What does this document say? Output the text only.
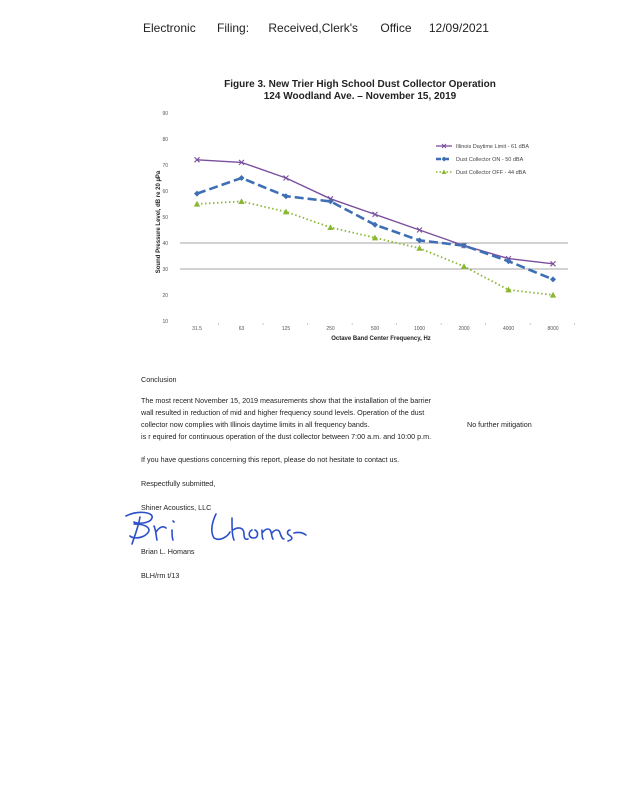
Electronic Filing: Received,Clerk's Office 12/09/2021
Figure 3. New Trier High School Dust Collector Operation
124 Woodland Ave. – November 15, 2019
10
20
30
40
50
60
70
80
90
31.5	63	125	250	500	1000	2000	4000	8000
Octave Band Center Frequency, Hz
Sound Pressure Level, dB re 20 µPa
Illinois Daytime Limit - 61 dBA
Dust Collector ON - 50 dBA
Dust Collector OFF - 44 dBA
Conclusion
The most recent November 15, 2019 measurements show that the installation of the barrier
wall resulted in reduction of mid and higher frequency sound levels. Operation of the dust
collector now complies with Illinois daytime limits in all frequency bands.	No further mitigation
is r equired for continuous operation of the dust collector between 7:00 a.m. and 10:00 p.m.
If you have questions concerning this report, please do not hesitate to contact us.
Respectfully submitted,
Shiner Acoustics, LLC
Brian L. Homans
BLH/rm t/13
